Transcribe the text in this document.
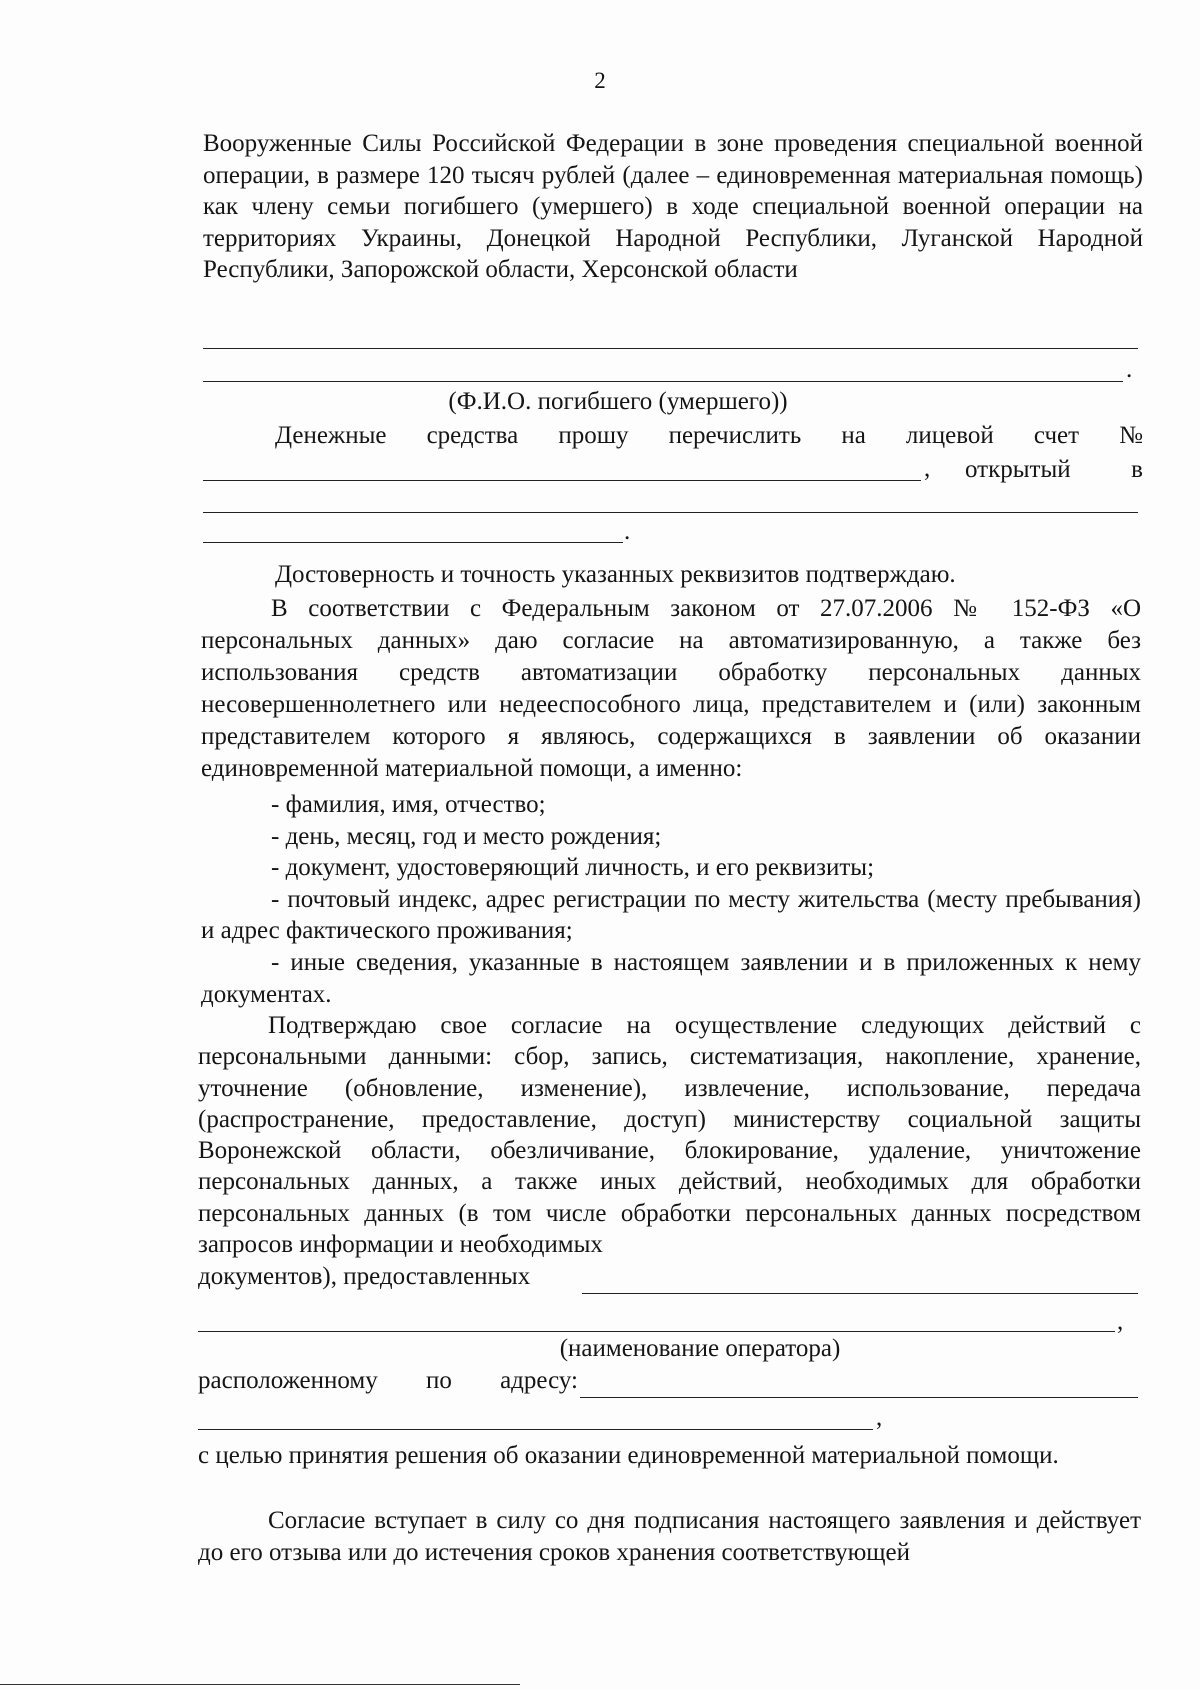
2
Вооруженные Силы Российской Федерации в зоне проведения специальной военной операции, в размере 120 тысяч рублей (далее – единовременная материальная помощь) как члену семьи погибшего (умершего) в ходе специальной военной операции на территориях Украины, Донецкой Народной Республики, Луганской Народной Республики, Запорожской области, Херсонской области
.
(Ф.И.О. погибшего (умершего))
Денежные средства прошу перечислить на лицевой счет №
, открытый в
.
Достоверность и точность указанных реквизитов подтверждаю.
В соответствии с Федеральным законом от 27.07.2006 № 152-ФЗ «О персональных данных» даю согласие на автоматизированную, а также без использования средств автоматизации обработку персональных данных несовершеннолетнего или недееспособного лица, представителем и (или) законным представителем которого я являюсь, содержащихся в заявлении об оказании единовременной материальной помощи, а именно:
- фамилия, имя, отчество;
- день, месяц, год и место рождения;
- документ, удостоверяющий личность, и его реквизиты;
- почтовый индекс, адрес регистрации по месту жительства (месту пребывания) и адрес фактического проживания;
- иные сведения, указанные в настоящем заявлении и в приложенных к нему документах.
Подтверждаю свое согласие на осуществление следующих действий с персональными данными: сбор, запись, систематизация, накопление, хранение, уточнение (обновление, изменение), извлечение, использование, передача (распространение, предоставление, доступ) министерству социальной защиты Воронежской области, обезличивание, блокирование, удаление, уничтожение персональных данных, а также иных действий, необходимых для обработки персональных данных (в том числе обработки персональных данных посредством запросов информации и необходимых
документов), предоставленных
,
(наименование оператора)
расположенному по адресу:
,
с целью принятия решения об оказании единовременной материальной помощи.
Согласие вступает в силу со дня подписания настоящего заявления и действует до его отзыва или до истечения сроков хранения соответствующей
